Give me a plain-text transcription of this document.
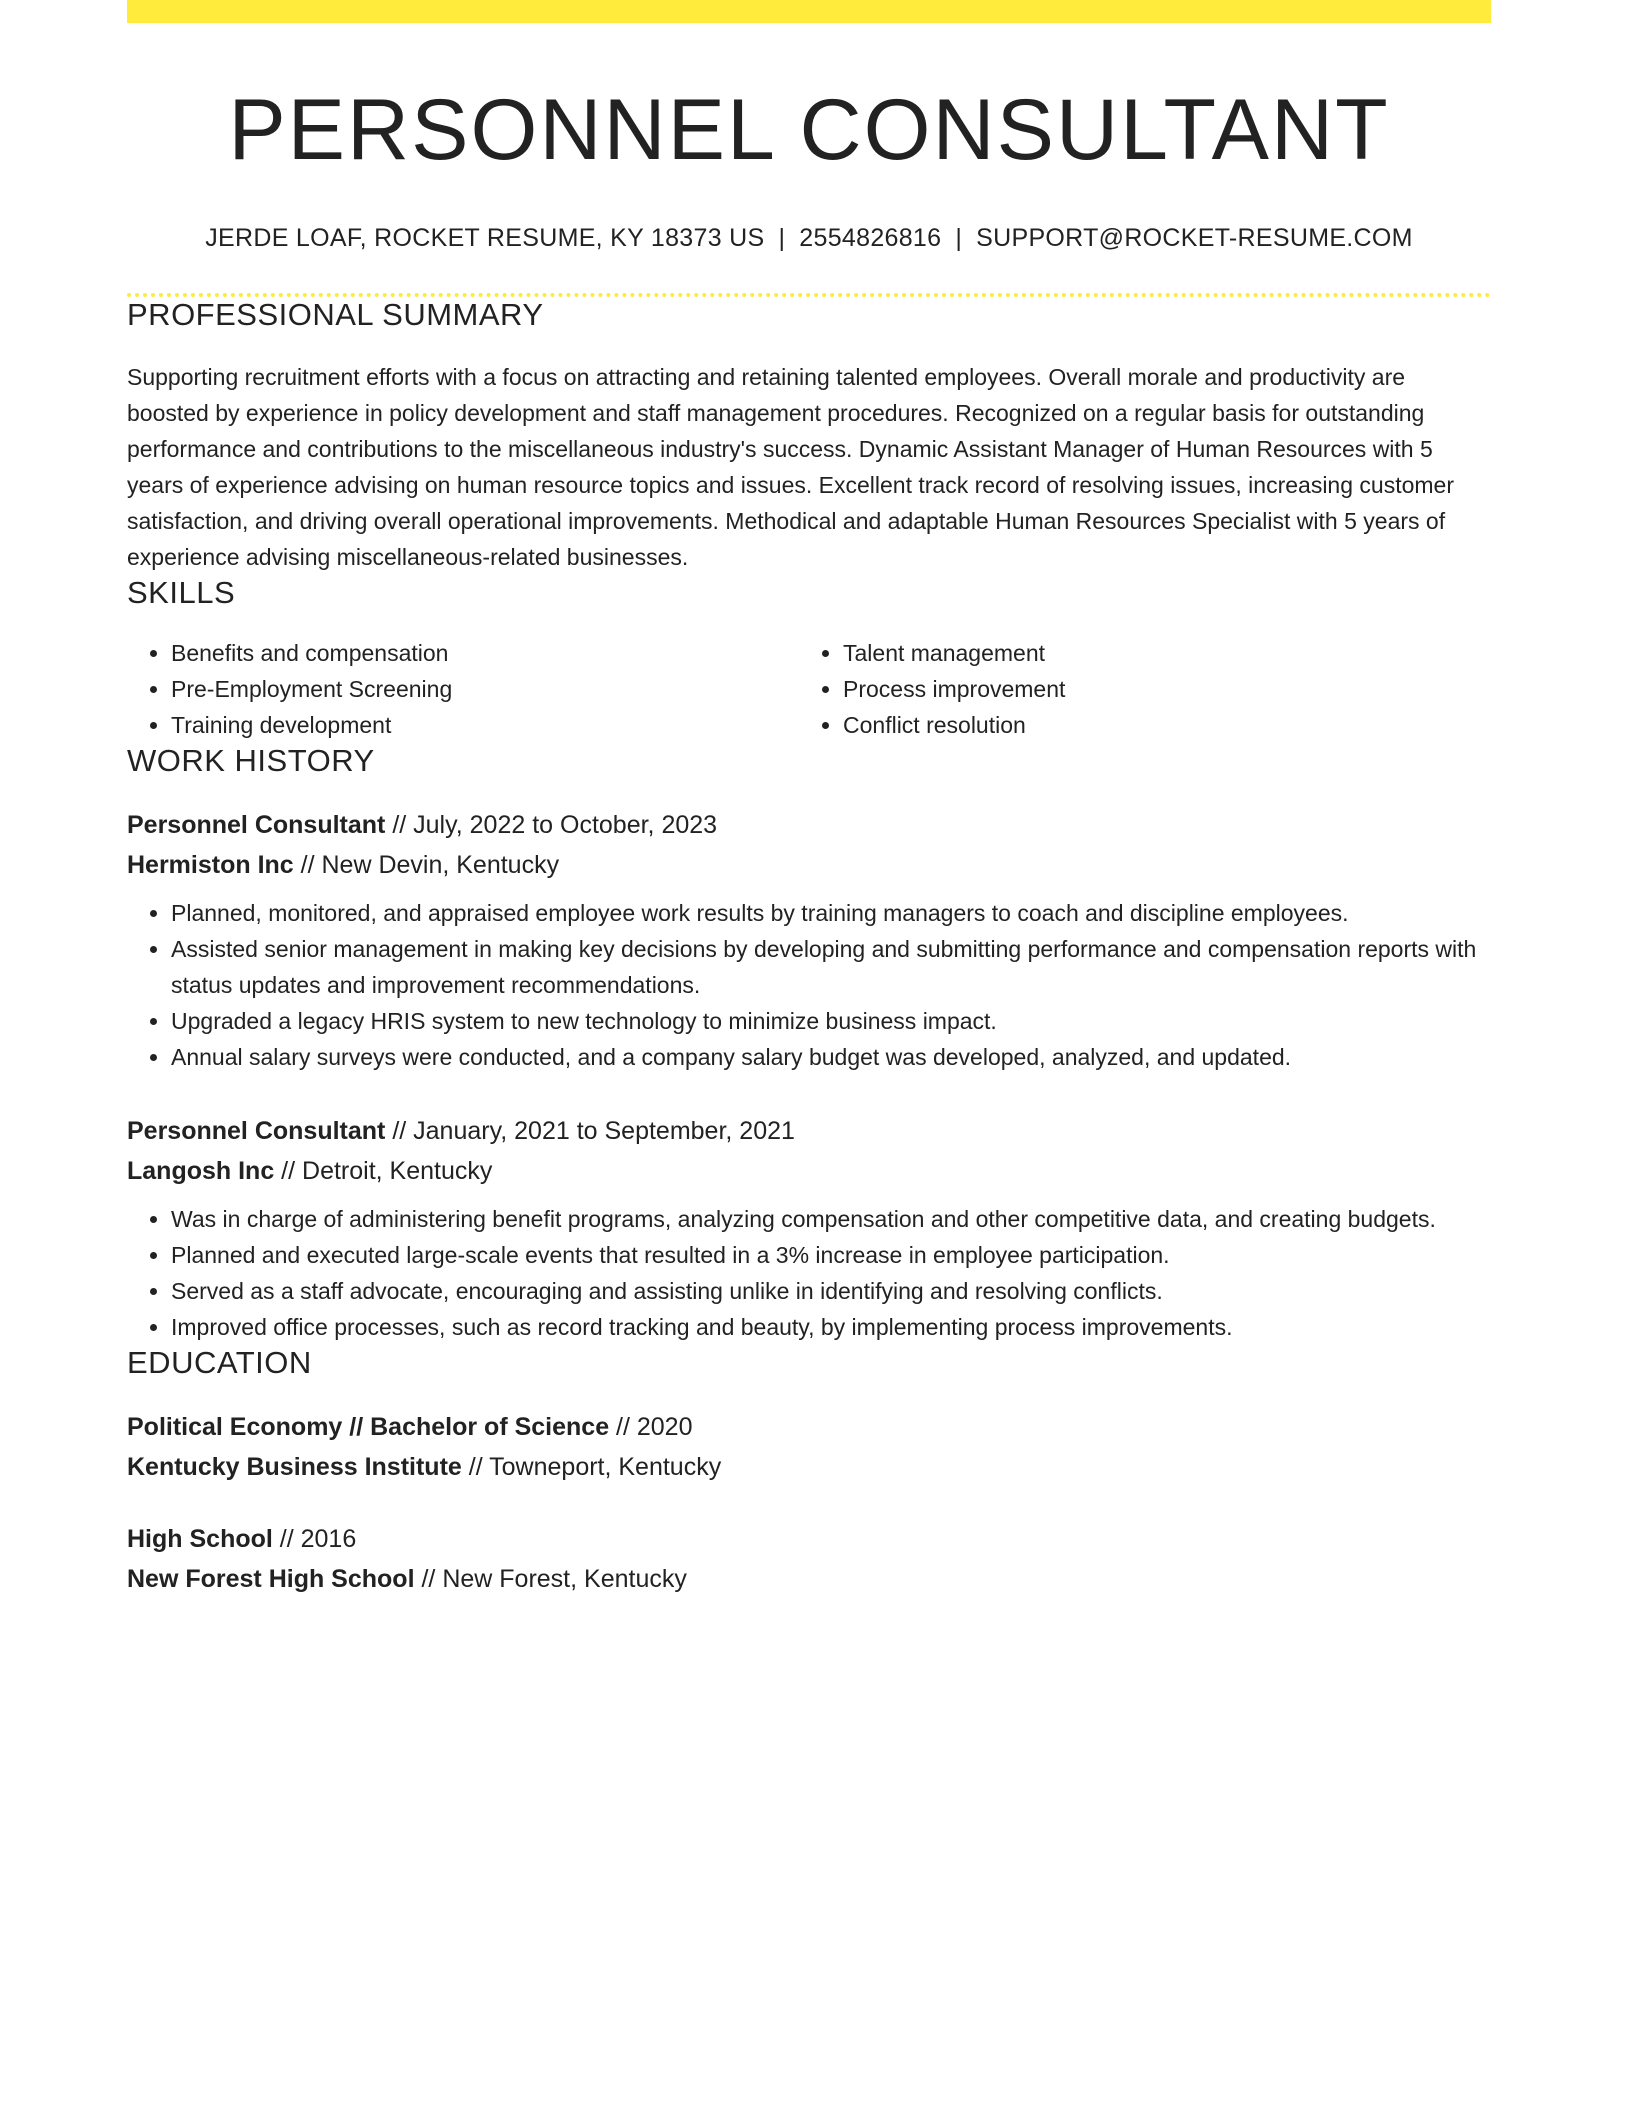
PERSONNEL CONSULTANT
JERDE LOAF, ROCKET RESUME, KY 18373 US | 2554826816 | SUPPORT@ROCKET-RESUME.COM
PROFESSIONAL SUMMARY
Supporting recruitment efforts with a focus on attracting and retaining talented employees. Overall morale and productivity are boosted by experience in policy development and staff management procedures. Recognized on a regular basis for outstanding performance and contributions to the miscellaneous industry's success. Dynamic Assistant Manager of Human Resources with 5 years of experience advising on human resource topics and issues. Excellent track record of resolving issues, increasing customer satisfaction, and driving overall operational improvements. Methodical and adaptable Human Resources Specialist with 5 years of experience advising miscellaneous-related businesses.
SKILLS
• Benefits and compensation
• Pre-Employment Screening
• Training development
• Talent management
• Process improvement
• Conflict resolution
WORK HISTORY
Personnel Consultant // July, 2022 to October, 2023
Hermiston Inc // New Devin, Kentucky
• Planned, monitored, and appraised employee work results by training managers to coach and discipline employees.
• Assisted senior management in making key decisions by developing and submitting performance and compensation reports with status updates and improvement recommendations.
• Upgraded a legacy HRIS system to new technology to minimize business impact.
• Annual salary surveys were conducted, and a company salary budget was developed, analyzed, and updated.
Personnel Consultant // January, 2021 to September, 2021
Langosh Inc // Detroit, Kentucky
• Was in charge of administering benefit programs, analyzing compensation and other competitive data, and creating budgets.
• Planned and executed large-scale events that resulted in a 3% increase in employee participation.
• Served as a staff advocate, encouraging and assisting unlike in identifying and resolving conflicts.
• Improved office processes, such as record tracking and beauty, by implementing process improvements.
EDUCATION
Political Economy // Bachelor of Science // 2020
Kentucky Business Institute // Towneport, Kentucky
High School // 2016
New Forest High School // New Forest, Kentucky
